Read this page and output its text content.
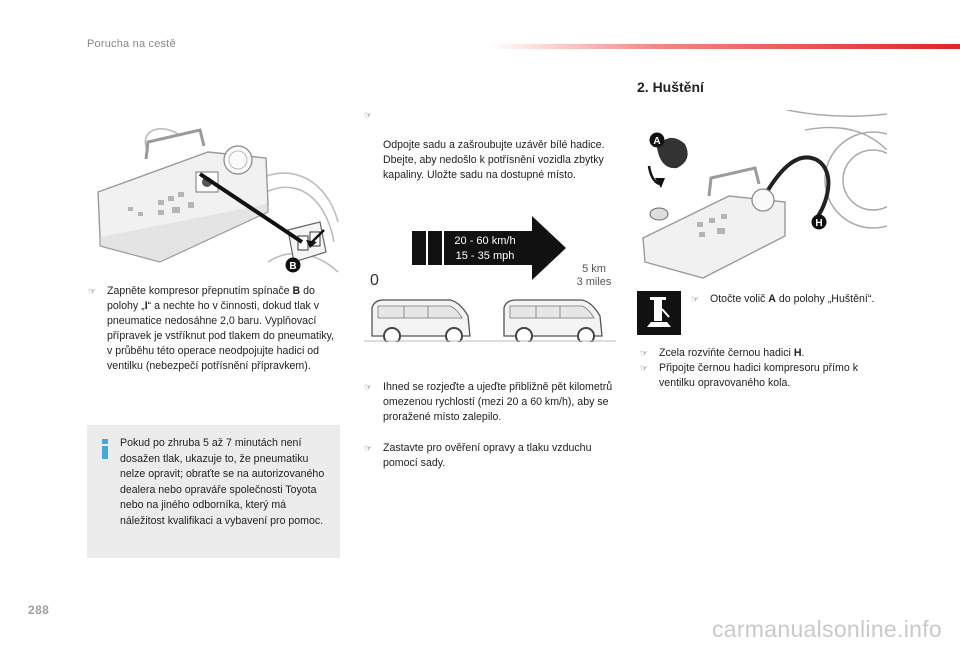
Porucha na cestě
B
☞ Zapněte kompresor přepnutím spínače B do polohy „I“ a nechte ho v činnosti, dokud tlak v pneumatice nedosáhne 2,0 baru. Vyplňovací přípravek je vstříknut pod tlakem do pneumatiky, v průběhu této operace neodpojujte hadici od ventilku (nebezpečí potřísnění přípravkem).
Pokud po zhruba 5 až 7 minutách není dosažen tlak, ukazuje to, že pneumatiku nelze opravit; obraťte se na autorizovaného dealera nebo opraváře společnosti Toyota nebo na jiného odborníka, který má náležitost kvalifikaci a vybavení pro pomoc.

☞

Odpojte sadu a zašroubujte uzávěr bílé hadice.
Dbejte, aby nedošlo k potřísnění vozidla zbytky kapaliny. Uložte sadu na dostupné místo.

20 - 60 km/h
15 - 35 mph
0
5 km
3 miles
☞ Ihned se rozjeďte a ujeďte přibližně pět kilometrů omezenou rychlostí (mezi 20 a 60 km/h), aby se proražené místo zalepilo.
☞ Zastavte pro ověření opravy a tlaku vzduchu pomocí sady.
2. Huštění
A
H
☞ Otočte volič A do polohy „Huštění“.
☞ Zcela rozviňte černou hadici H.
☞ Připojte černou hadici kompresoru přímo k ventilku opravovaného kola.
288
carmanualsonline.info
